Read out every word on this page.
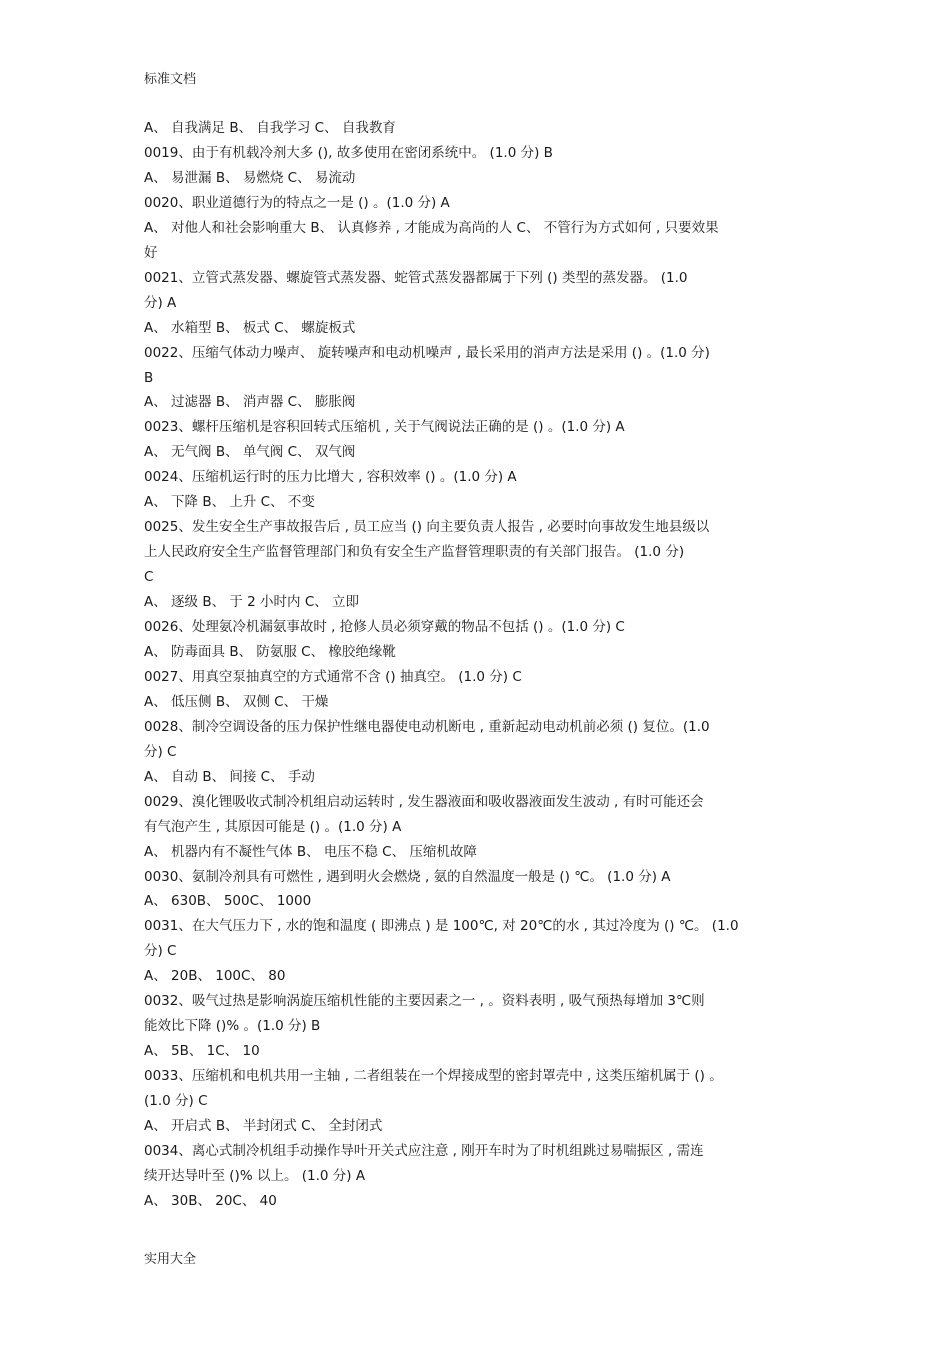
标准文档
A、 自我满足 B、 自我学习 C、 自我教育
0019、由于有机载冷剂大多 (), 故多使用在密闭系统中。 (1.0 分) B
A、 易泄漏 B、 易燃烧 C、 易流动
0020、职业道德行为的特点之一是 () 。(1.0 分) A
A、 对他人和社会影响重大 B、 认真修养 , 才能成为高尚的人 C、 不管行为方式如何 , 只要效果
好
0021、立管式蒸发器、螺旋管式蒸发器、蛇管式蒸发器都属于下列 () 类型的蒸发器。 (1.0
分) A
A、 水箱型 B、 板式 C、 螺旋板式
0022、压缩气体动力噪声、 旋转噪声和电动机噪声 , 最长采用的消声方法是采用 () 。(1.0 分)
B
A、 过滤器 B、 消声器 C、 膨胀阀
0023、螺杆压缩机是容积回转式压缩机 , 关于气阀说法正确的是 () 。(1.0 分) A
A、 无气阀 B、 单气阀 C、 双气阀
0024、压缩机运行时的压力比增大 , 容积效率 () 。(1.0 分) A
A、 下降 B、 上升 C、 不变
0025、发生安全生产事故报告后 , 员工应当 () 向主要负责人报告 , 必要时向事故发生地县级以
上人民政府安全生产监督管理部门和负有安全生产监督管理职责的有关部门报告。 (1.0 分)
C
A、 逐级 B、 于 2 小时内 C、 立即
0026、处理氨冷机漏氨事故时 , 抢修人员必须穿戴的物品不包括 () 。(1.0 分) C
A、 防毒面具 B、 防氨服 C、 橡胶绝缘靴
0027、用真空泵抽真空的方式通常不含 () 抽真空。 (1.0 分) C
A、 低压侧 B、 双侧 C、 干燥
0028、制冷空调设备的压力保护性继电器使电动机断电 , 重新起动电动机前必须 () 复位。(1.0
分) C
A、 自动 B、 间接 C、 手动
0029、溴化锂吸收式制冷机组启动运转时 , 发生器液面和吸收器液面发生波动 , 有时可能还会
有气泡产生 , 其原因可能是 () 。(1.0 分) A
A、 机器内有不凝性气体 B、 电压不稳 C、 压缩机故障
0030、氨制冷剂具有可燃性 , 遇到明火会燃烧 , 氨的自然温度一般是 () ℃。 (1.0 分) A
A、 630B、 500C、 1000
0031、在大气压力下 , 水的饱和温度 ( 即沸点 ) 是 100℃, 对 20℃的水 , 其过冷度为 () ℃。 (1.0
分) C
A、 20B、 100C、 80
0032、吸气过热是影响涡旋压缩机性能的主要因素之一 , 。资料表明 , 吸气预热每增加 3℃则
能效比下降 ()% 。(1.0 分) B
A、 5B、 1C、 10
0033、压缩机和电机共用一主轴 , 二者组装在一个焊接成型的密封罩壳中 , 这类压缩机属于 () 。
(1.0 分) C
A、 开启式 B、 半封闭式 C、 全封闭式
0034、离心式制冷机组手动操作导叶开关式应注意 , 刚开车时为了时机组跳过易喘振区 , 需连
续开达导叶至 ()% 以上。 (1.0 分) A
A、 30B、 20C、 40
实用大全
